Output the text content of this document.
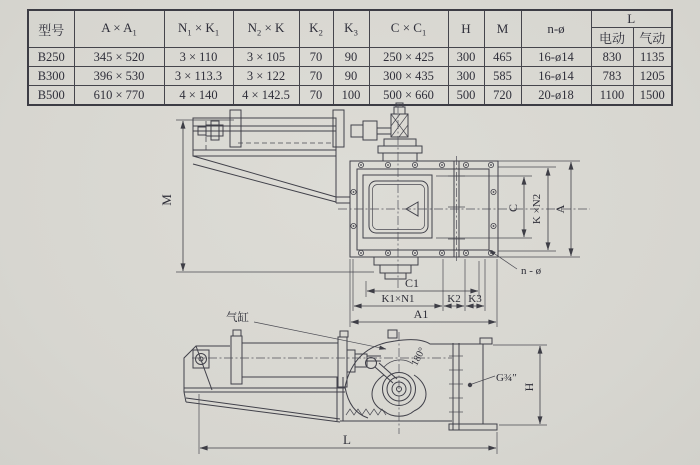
型号	$A \times A_1$	$N_1 \times K_1$	$N_2 \times K$	$K_2$	$K_3$	$C \times C_1$	H	M	n-ø	L	
										电动	气动
B250	345 × 520	3 × 110	3 × 105	70	90	250 × 425	300	465	16-ø14	830	1135
B300	396 × 530	3 × 113.3	3 × 122	70	90	300 × 435	300	585	16-ø14	783	1205
B500	610 × 770	4 × 140	4 × 142.5	70	100	500 × 660	500	720	20-ø18	1100	1500
M
C K ×N2 A
n - ø
C1
K1×N1	K2 K3
A1
气缸
180°
G¾″
H
L
